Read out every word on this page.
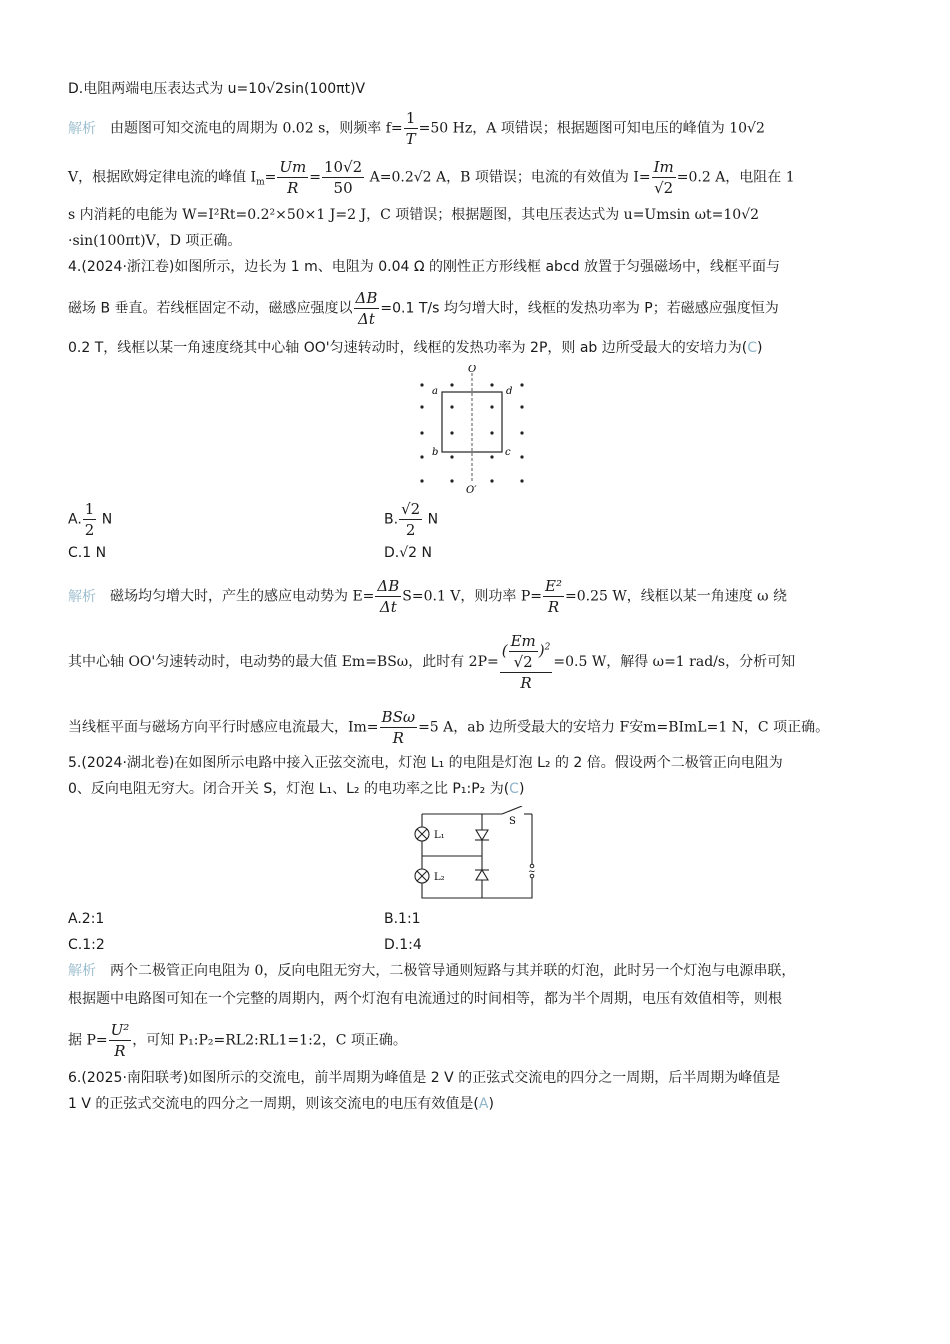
D.电阻两端电压表达式为 u=10√2sin(100πt)V
解析 由题图可知交流电的周期为 0.02 s，则频率 $f= \frac{1}{T} =50$ Hz，A 项错误；根据题图可知电压的峰值为 10√2
V，根据欧姆定律电流的峰值 $I_m= \frac{Um}{R} = \frac{10√2}{50} A=0.2√2$ A，B 项错误；电流的有效值为 $I= \frac{Im}{√2} =0.2$ A，电阻在 1
s 内消耗的电能为 W=I²Rt=0.2²×50×1 J=2 J，C 项错误；根据题图，其电压表达式为 u=Umsin ωt=10√2
·sin(100πt)V，D 项正确。
4.(2024·浙江卷)如图所示，边长为 1 m、电阻为 0.04 Ω 的刚性正方形线框 abcd 放置于匀强磁场中，线框平面与
磁场 B 垂直。若线框固定不动，磁感应强度以 $\frac{\Delta B}{\Delta t} =0.1$ T/s 均匀增大时，线框的发热功率为 P；若磁感应强度恒为
0.2 T，线框以某一角速度绕其中心轴 OO'匀速转动时，线框的发热功率为 2P，则 ab 边所受最大的安培力为(C)
O
O′
a	d
b	c
A. $\frac{1}{2}$ N	B. $\frac{√2}{2}$ N
C.1 N	D.√2 N
解析 磁场均匀增大时，产生的感应电动势为 $E= \frac{\Delta B}{\Delta t} S=0.1$ V，则功率 $P= \frac{\text{E²}}{R} =0.25$ W，线框以某一角速度 ω 绕
其中心轴 OO'匀速转动时，电动势的最大值 Em=BSω，此时有 $2P= \frac{( \frac{Em}{√2} )^2}{R} =0.5$ W，解得 ω=1 rad/s，分析可知
当线框平面与磁场方向平行时感应电流最大，$Im= \frac{\text{BSω}}{R} =5$ A，ab 边所受最大的安培力 F安m=BImL=1 N，C 项正确。
5.(2024·湖北卷)在如图所示电路中接入正弦交流电，灯泡 L₁ 的电阻是灯泡 L₂ 的 2 倍。假设两个二极管正向电阻为
0、反向电阻无穷大。闭合开关 S，灯泡 L₁、L₂ 的电功率之比 P₁:P₂ 为(C)
L₁
L₂
S
~
A.2:1	B.1:1
C.1:2	D.1:4
解析 两个二极管正向电阻为 0，反向电阻无穷大，二极管导通则短路与其并联的灯泡，此时另一个灯泡与电源串联，
根据题中电路图可知在一个完整的周期内，两个灯泡有电流通过的时间相等，都为半个周期，电压有效值相等，则根
据 $P= \frac{\text{U²}}{R}$ ，可知 P₁:P₂=RL2:RL1=1:2，C 项正确。
6.(2025·南阳联考)如图所示的交流电，前半周期为峰值是 2 V 的正弦式交流电的四分之一周期，后半周期为峰值是
1 V 的正弦式交流电的四分之一周期，则该交流电的电压有效值是(A)
